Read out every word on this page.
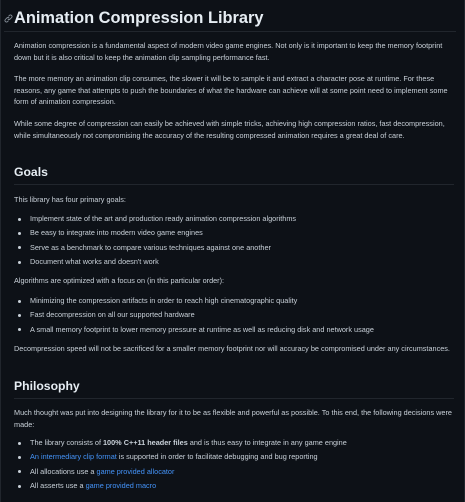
Animation Compression Library

Animation compression is a fundamental aspect of modern video game engines. Not only is it important to keep the memory footprint down but it is also critical to keep the animation clip sampling performance fast.

The more memory an animation clip consumes, the slower it will be to sample it and extract a character pose at runtime. For these reasons, any game that attempts to push the boundaries of what the hardware can achieve will at some point need to implement some form of animation compression.

While some degree of compression can easily be achieved with simple tricks, achieving high compression ratios, fast decompression, while simultaneously not compromising the accuracy of the resulting compressed animation requires a great deal of care.

Goals

This library has four primary goals:

Implement state of the art and production ready animation compression algorithms
Be easy to integrate into modern video game engines
Serve as a benchmark to compare various techniques against one another
Document what works and doesn't work

Algorithms are optimized with a focus on (in this particular order):

Minimizing the compression artifacts in order to reach high cinematographic quality
Fast decompression on all our supported hardware
A small memory footprint to lower memory pressure at runtime as well as reducing disk and network usage

Decompression speed will not be sacrificed for a smaller memory footprint nor will accuracy be compromised under any circumstances.

Philosophy

Much thought was put into designing the library for it to be as flexible and powerful as possible. To this end, the following decisions were made:

The library consists of 100% C++11 header files and is thus easy to integrate in any game engine
An intermediary clip format is supported in order to facilitate debugging and bug reporting
All allocations use a game provided allocator
All asserts use a game provided macro
